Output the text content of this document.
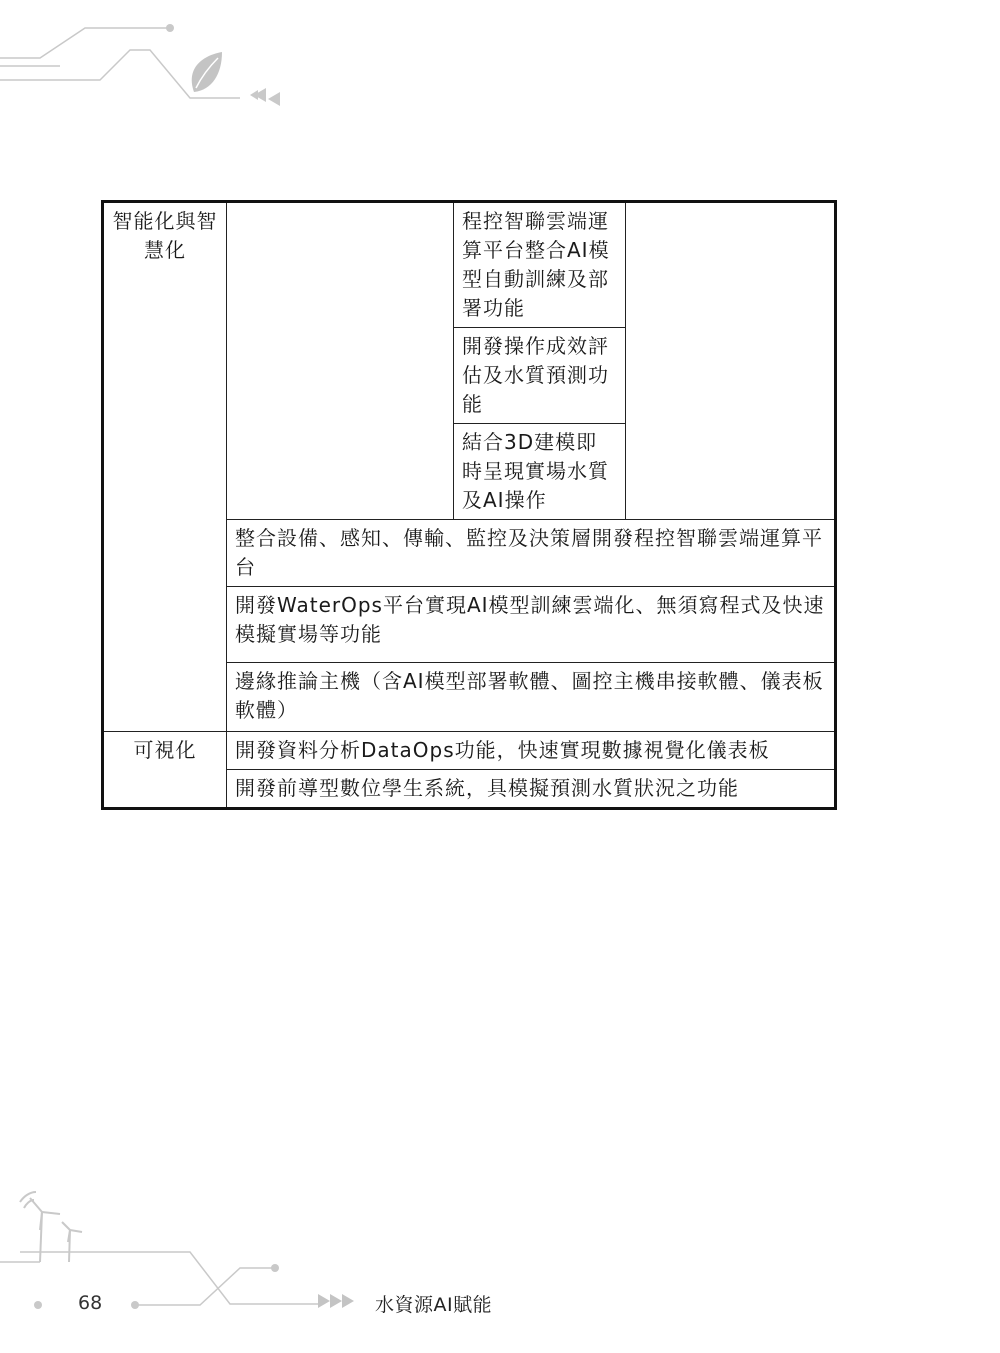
智能化與智慧化		程控智聯雲端運算平台整合AI模型自動訓練及部署功能	
		開發操作成效評估及水質預測功能	
		結合3D建模即時呈現實場水質及AI操作	
	整合設備、感知、傳輸、監控及決策層開發程控智聯雲端運算平台		
	開發WaterOps平台實現AI模型訓練雲端化、無須寫程式及快速模擬實場等功能		
	邊緣推論主機（含AI模型部署軟體、圖控主機串接軟體、儀表板軟體）		
可視化	開發資料分析DataOps功能，快速實現數據視覺化儀表板		
	開發前導型數位學生系統，具模擬預測水質狀況之功能		
68	水資源AI賦能
